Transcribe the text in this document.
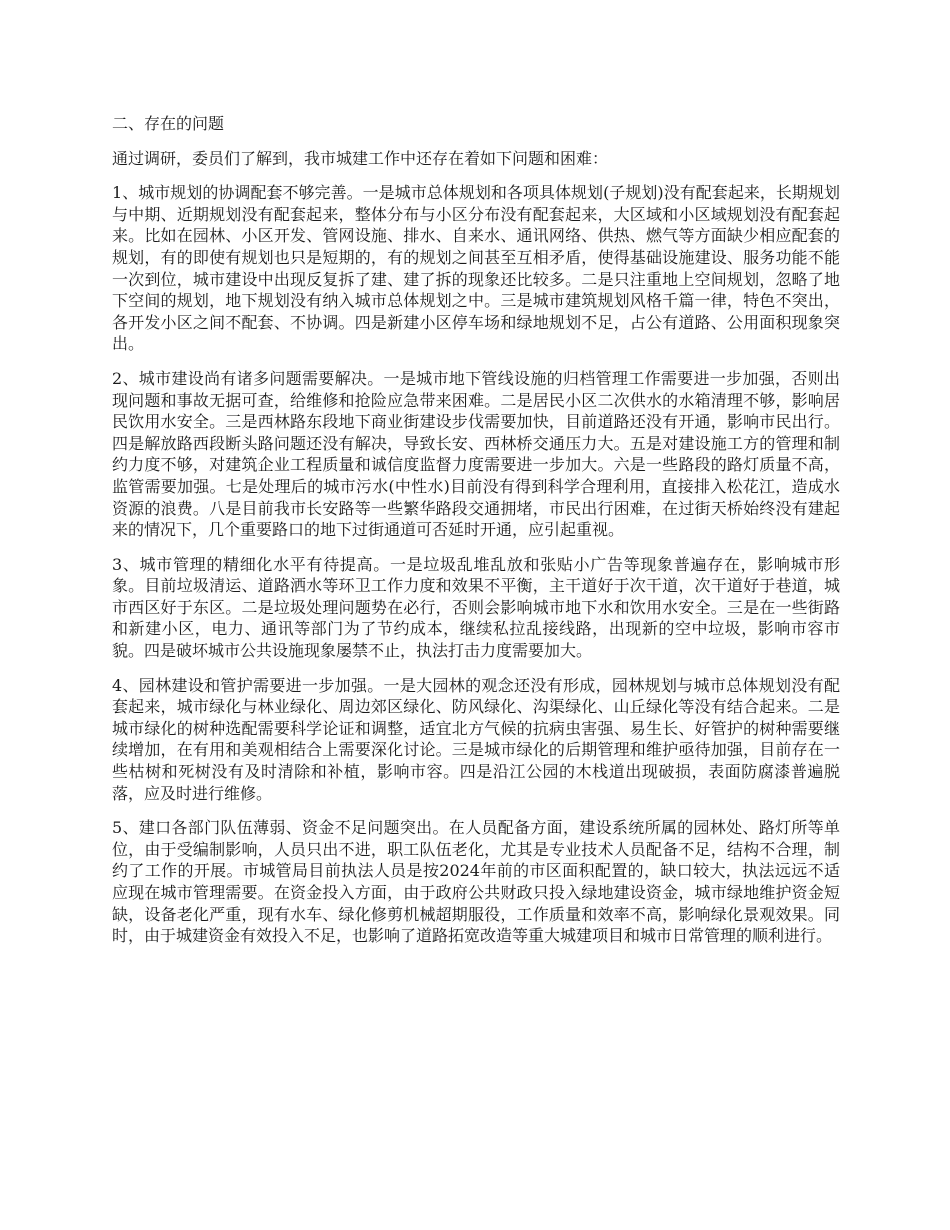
二、存在的问题

通过调研，委员们了解到，我市城建工作中还存在着如下问题和困难：

1、城市规划的协调配套不够完善。一是城市总体规划和各项具体规划(子规划)没有配套起来，长期规划与中期、近期规划没有配套起来，整体分布与小区分布没有配套起来，大区域和小区域规划没有配套起来。比如在园林、小区开发、管网设施、排水、自来水、通讯网络、供热、燃气等方面缺少相应配套的规划，有的即使有规划也只是短期的，有的规划之间甚至互相矛盾，使得基础设施建设、服务功能不能一次到位，城市建设中出现反复拆了建、建了拆的现象还比较多。二是只注重地上空间规划，忽略了地下空间的规划，地下规划没有纳入城市总体规划之中。三是城市建筑规划风格千篇一律，特色不突出，各开发小区之间不配套、不协调。四是新建小区停车场和绿地规划不足，占公有道路、公用面积现象突出。

2、城市建设尚有诸多问题需要解决。一是城市地下管线设施的归档管理工作需要进一步加强，否则出现问题和事故无据可查，给维修和抢险应急带来困难。二是居民小区二次供水的水箱清理不够，影响居民饮用水安全。三是西林路东段地下商业街建设步伐需要加快，目前道路还没有开通，影响市民出行。四是解放路西段断头路问题还没有解决，导致长安、西林桥交通压力大。五是对建设施工方的管理和制约力度不够，对建筑企业工程质量和诚信度监督力度需要进一步加大。六是一些路段的路灯质量不高，监管需要加强。七是处理后的城市污水(中性水)目前没有得到科学合理利用，直接排入松花江，造成水资源的浪费。八是目前我市长安路等一些繁华路段交通拥堵，市民出行困难，在过街天桥始终没有建起来的情况下，几个重要路口的地下过街通道可否延时开通，应引起重视。

3、城市管理的精细化水平有待提高。一是垃圾乱堆乱放和张贴小广告等现象普遍存在，影响城市形象。目前垃圾清运、道路洒水等环卫工作力度和效果不平衡，主干道好于次干道，次干道好于巷道，城市西区好于东区。二是垃圾处理问题势在必行，否则会影响城市地下水和饮用水安全。三是在一些街路和新建小区，电力、通讯等部门为了节约成本，继续私拉乱接线路，出现新的空中垃圾，影响市容市貌。四是破坏城市公共设施现象屡禁不止，执法打击力度需要加大。

4、园林建设和管护需要进一步加强。一是大园林的观念还没有形成，园林规划与城市总体规划没有配套起来，城市绿化与林业绿化、周边郊区绿化、防风绿化、沟渠绿化、山丘绿化等没有结合起来。二是城市绿化的树种选配需要科学论证和调整，适宜北方气候的抗病虫害强、易生长、好管护的树种需要继续增加，在有用和美观相结合上需要深化讨论。三是城市绿化的后期管理和维护亟待加强，目前存在一些枯树和死树没有及时清除和补植，影响市容。四是沿江公园的木栈道出现破损，表面防腐漆普遍脱落，应及时进行维修。

5、建口各部门队伍薄弱、资金不足问题突出。在人员配备方面，建设系统所属的园林处、路灯所等单位，由于受编制影响，人员只出不进，职工队伍老化，尤其是专业技术人员配备不足，结构不合理，制约了工作的开展。市城管局目前执法人员是按2024年前的市区面积配置的，缺口较大，执法远远不适应现在城市管理需要。在资金投入方面，由于政府公共财政只投入绿地建设资金，城市绿地维护资金短缺，设备老化严重，现有水车、绿化修剪机械超期服役，工作质量和效率不高，影响绿化景观效果。同时，由于城建资金有效投入不足，也影响了道路拓宽改造等重大城建项目和城市日常管理的顺利进行。
